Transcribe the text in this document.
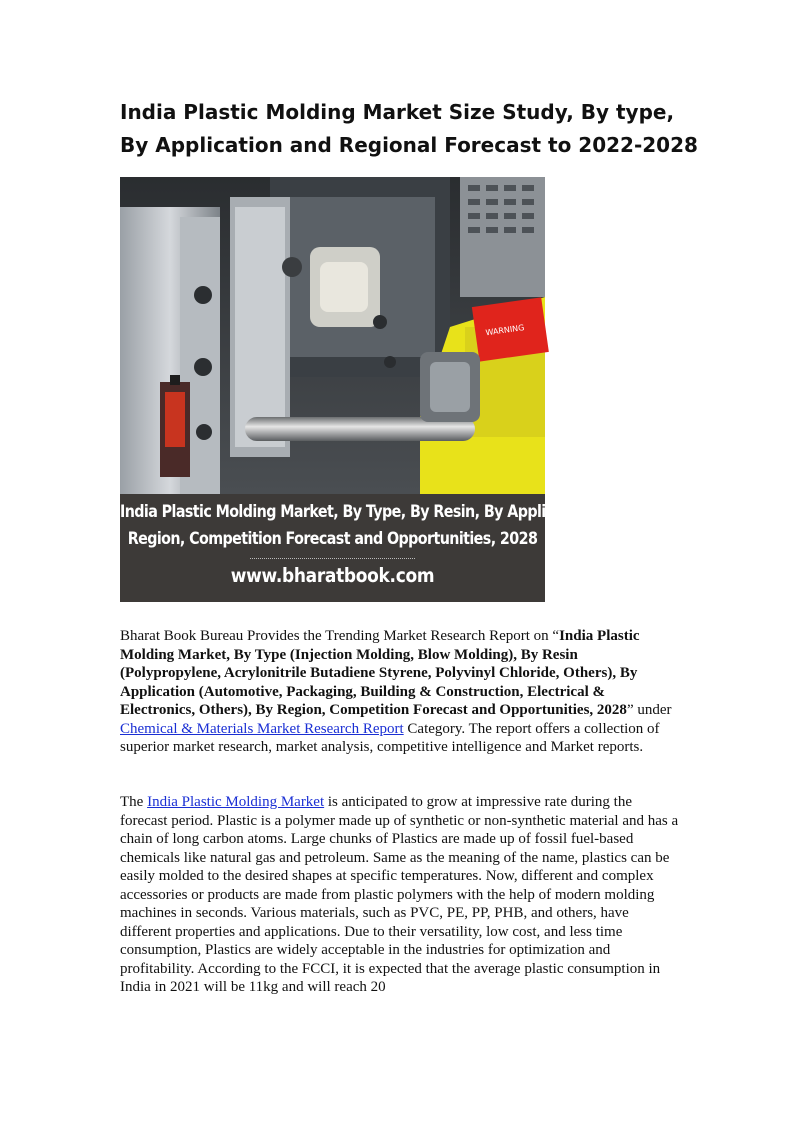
India Plastic Molding Market Size Study, By type, By Application and Regional Forecast to 2022-2028
WARNING
India Plastic Molding Market, By Type, By Resin, By Application, By
Region, Competition Forecast and Opportunities, 2028
www.bharatbook.com

Bharat Book Bureau Provides the Trending Market Research Report on “India Plastic Molding Market, By Type (Injection Molding, Blow Molding), By Resin (Polypropylene, Acrylonitrile Butadiene Styrene, Polyvinyl Chloride, Others), By Application (Automotive, Packaging, Building & Construction, Electrical & Electronics, Others), By Region, Competition Forecast and Opportunities, 2028” under Chemical & Materials Market Research Report Category. The report offers a collection of superior market research, market analysis, competitive intelligence and Market reports.

The India Plastic Molding Market is anticipated to grow at impressive rate during the forecast period. Plastic is a polymer made up of synthetic or non-synthetic material and has a chain of long carbon atoms. Large chunks of Plastics are made up of fossil fuel-based chemicals like natural gas and petroleum. Same as the meaning of the name, plastics can be easily molded to the desired shapes at specific temperatures. Now, different and complex accessories or products are made from plastic polymers with the help of modern molding machines in seconds. Various materials, such as PVC, PE, PP, PHB, and others, have different properties and applications. Due to their versatility, low cost, and less time consumption, Plastics are widely acceptable in the industries for optimization and profitability. According to the FCCI, it is expected that the average plastic consumption in India in 2021 will be 11kg and will reach 20
